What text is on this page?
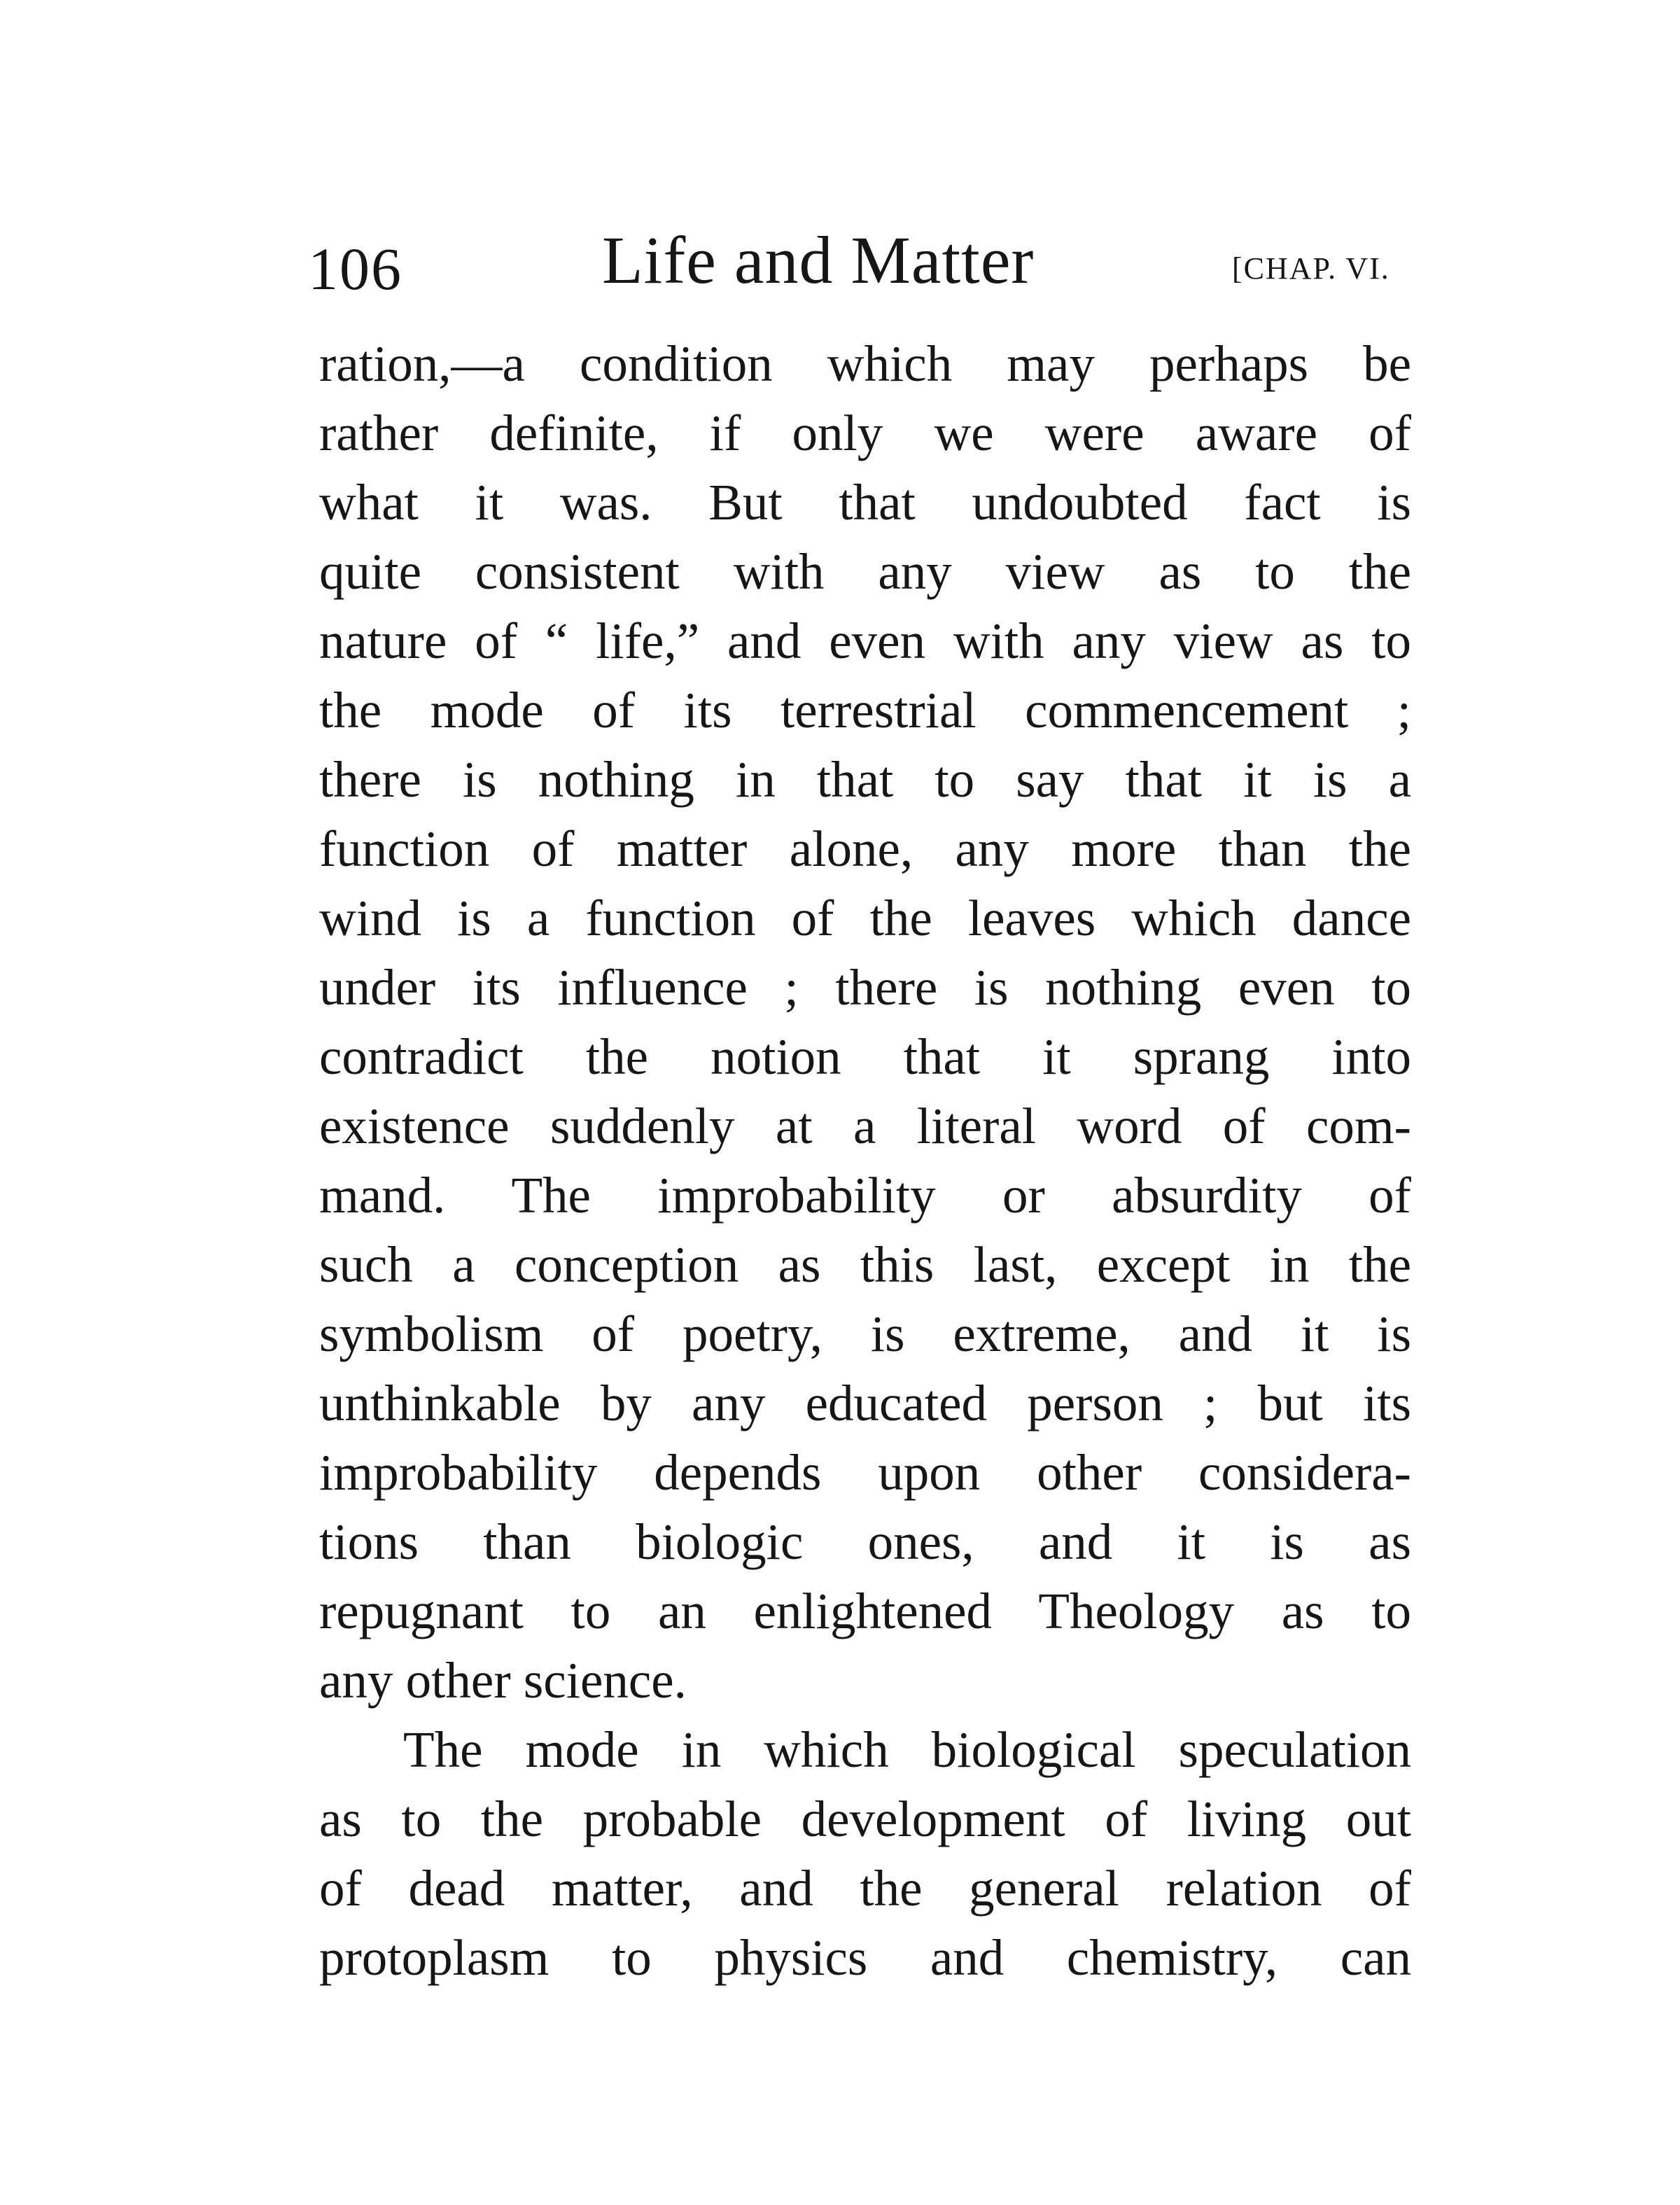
106	Life and Matter	[CHAP. VI.
ration,—a condition which may perhaps be
rather definite, if only we were aware of
what it was. But that undoubted fact is
quite consistent with any view as to the
nature of “ life,” and even with any view as to
the mode of its terrestrial commencement ;
there is nothing in that to say that it is a
function of matter alone, any more than the
wind is a function of the leaves which dance
under its influence ; there is nothing even to
contradict the notion that it sprang into
existence suddenly at a literal word of com-
mand. The improbability or absurdity of
such a conception as this last, except in the
symbolism of poetry, is extreme, and it is
unthinkable by any educated person ; but its
improbability depends upon other considera-
tions than biologic ones, and it is as
repugnant to an enlightened Theology as to
any other science.
The mode in which biological speculation
as to the probable development of living out
of dead matter, and the general relation of
protoplasm to physics and chemistry, can
